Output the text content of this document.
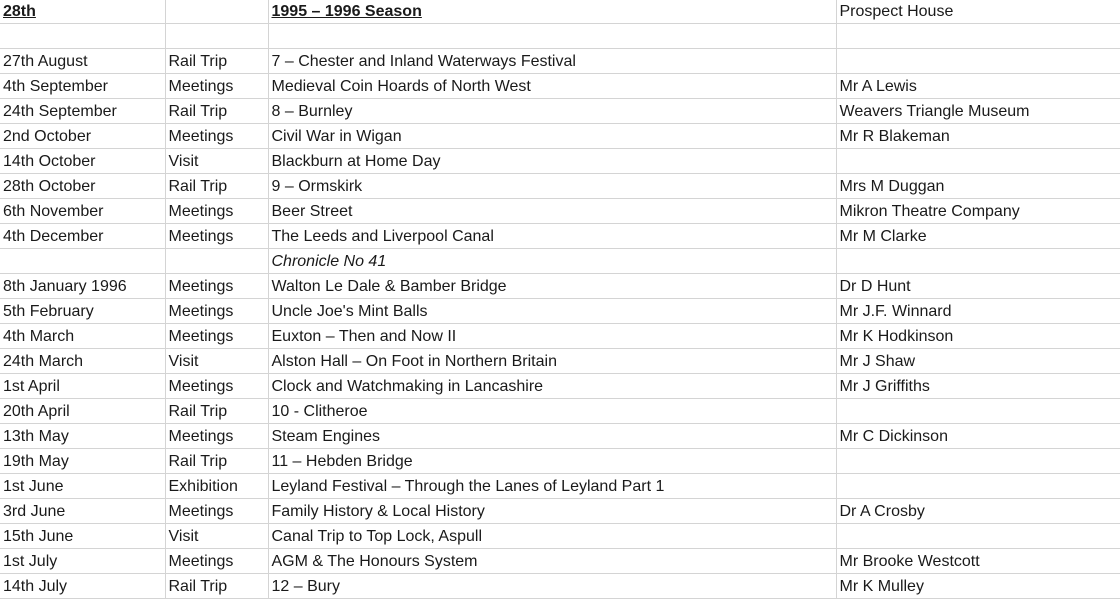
28th		1995 – 1996 Season	Prospect House

27th August	Rail Trip	7 – Chester and Inland Waterways Festival	
4th September	Meetings	Medieval Coin Hoards of North West	Mr A Lewis
24th September	Rail Trip	8 – Burnley	Weavers Triangle Museum
2nd October	Meetings	Civil War in Wigan	Mr R Blakeman
14th October	Visit	Blackburn at Home Day	
28th October	Rail Trip	9 – Ormskirk	Mrs M Duggan
6th November	Meetings	Beer Street	Mikron Theatre Company
4th December	Meetings	The Leeds and Liverpool Canal	Mr M Clarke
		Chronicle No 41	
8th January 1996	Meetings	Walton Le Dale & Bamber Bridge	Dr D Hunt
5th February	Meetings	Uncle Joe's Mint Balls	Mr J.F. Winnard
4th March	Meetings	Euxton – Then and Now II	Mr K Hodkinson
24th March	Visit	Alston Hall – On Foot in Northern Britain	Mr J Shaw
1st April	Meetings	Clock and Watchmaking in Lancashire	Mr J Griffiths
20th April	Rail Trip	10 - Clitheroe	
13th May	Meetings	Steam Engines	Mr C Dickinson
19th May	Rail Trip	11 – Hebden Bridge	
1st June	Exhibition	Leyland Festival – Through the Lanes of Leyland Part 1	
3rd June	Meetings	Family History & Local History	Dr A Crosby
15th June	Visit	Canal Trip to Top Lock, Aspull	
1st July	Meetings	AGM & The Honours System	Mr Brooke Westcott
14th July	Rail Trip	12 – Bury	Mr K Mulley
